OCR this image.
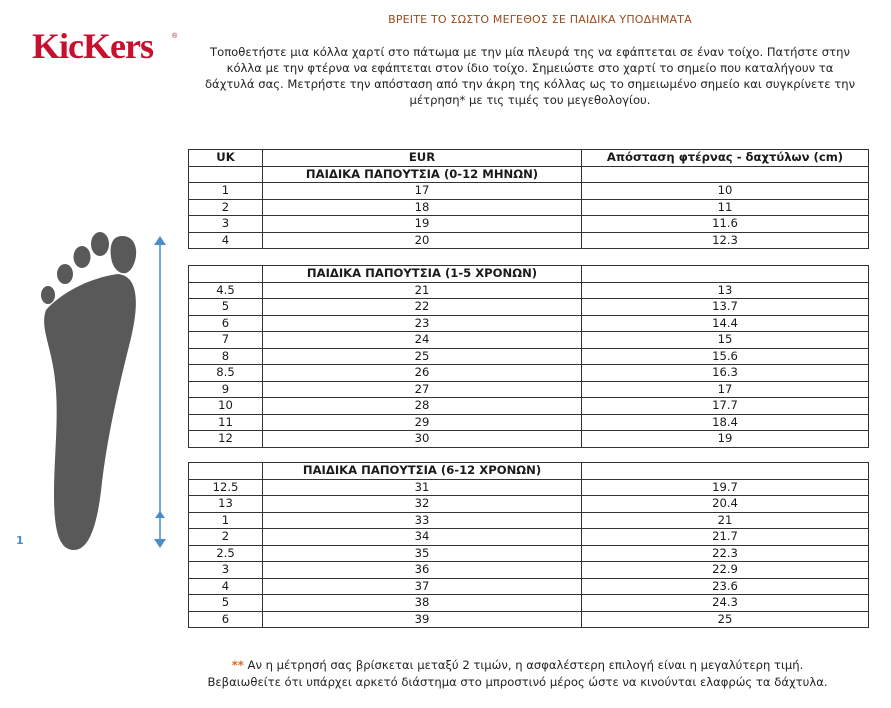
KicKers	®
ΒΡΕΙΤΕ ΤΟ ΣΩΣΤΟ ΜΕΓΕΘΟΣ ΣΕ ΠΑΙΔΙΚΑ ΥΠΟΔΗΜΑΤΑ
Τοποθετήστε μια κόλλα χαρτί στο πάτωμα με την μία πλευρά της να εφάπτεται σε έναν τοίχο. Πατήστε στην κόλλα με την φτέρνα να εφάπτεται στον ίδιο τοίχο. Σημειώστε στο χαρτί το σημείο που καταλήγουν τα δάχτυλά σας. Μετρήστε την απόσταση από την άκρη της κόλλας ως το σημειωμένο σημείο και συγκρίνετε την μέτρηση* με τις τιμές του μεγεθολογίου.
1
UK	EUR	Απόσταση φτέρνας - δαχτύλων (cm)
	ΠΑΙΔΙΚΑ ΠΑΠΟΥΤΣΙΑ (0-12 ΜΗΝΩΝ)	
1	17	10
2	18	11
3	19	11.6
4	20	12.3
	ΠΑΙΔΙΚΑ ΠΑΠΟΥΤΣΙΑ (1-5 ΧΡΟΝΩΝ)	
4.5	21	13
5	22	13.7
6	23	14.4
7	24	15
8	25	15.6
8.5	26	16.3
9	27	17
10	28	17.7
11	29	18.4
12	30	19
	ΠΑΙΔΙΚΑ ΠΑΠΟΥΤΣΙΑ (6-12 ΧΡΟΝΩΝ)	
12.5	31	19.7
13	32	20.4
1	33	21
2	34	21.7
2.5	35	22.3
3	36	22.9
4	37	23.6
5	38	24.3
6	39	25
** Αν η μέτρησή σας βρίσκεται μεταξύ 2 τιμών, η ασφαλέστερη επιλογή είναι η μεγαλύτερη τιμή.
Βεβαιωθείτε ότι υπάρχει αρκετό διάστημα στο μπροστινό μέρος ώστε να κινούνται ελαφρώς τα δάχτυλα.
